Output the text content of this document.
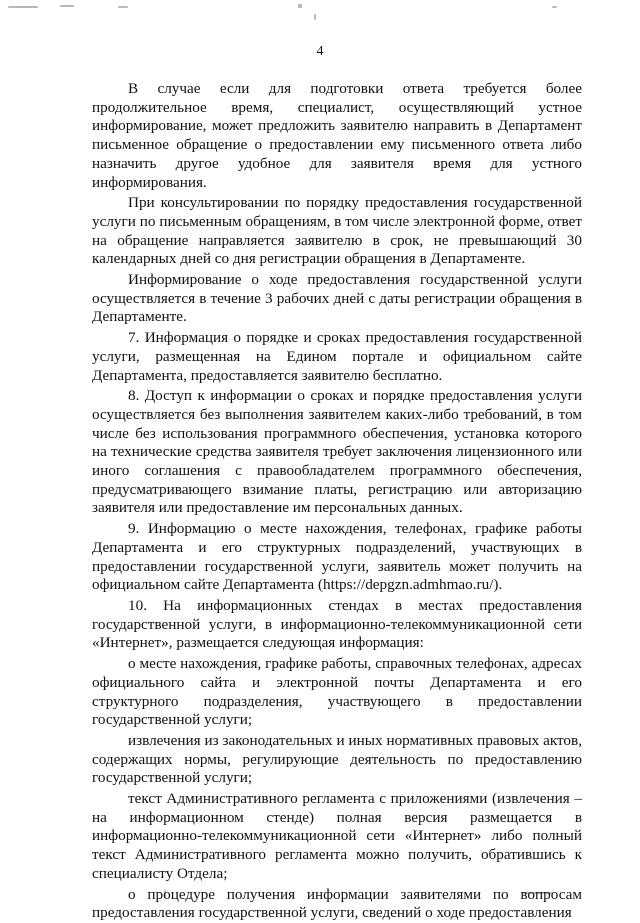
4

В случае если для подготовки ответа требуется более продолжительное время, специалист, осуществляющий устное информирование, может предложить заявителю направить в Департамент письменное обращение о предоставлении ему письменного ответа либо назначить другое удобное для заявителя время для устного информирования.

При консультировании по порядку предоставления государственной услуги по письменным обращениям, в том числе электронной форме, ответ на обращение направляется заявителю в срок, не превышающий 30 календарных дней со дня регистрации обращения в Департаменте.

Информирование о ходе предоставления государственной услуги осуществляется в течение 3 рабочих дней с даты регистрации обращения в Департаменте.

7. Информация о порядке и сроках предоставления государственной услуги, размещенная на Едином портале и официальном сайте Департамента, предоставляется заявителю бесплатно.

8. Доступ к информации о сроках и порядке предоставления услуги осуществляется без выполнения заявителем каких-либо требований, в том числе без использования программного обеспечения, установка которого на технические средства заявителя требует заключения лицензионного или иного соглашения с правообладателем программного обеспечения, предусматривающего взимание платы, регистрацию или авторизацию заявителя или предоставление им персональных данных.

9. Информацию о месте нахождения, телефонах, графике работы Департамента и его структурных подразделений, участвующих в предоставлении государственной услуги, заявитель может получить на официальном сайте Департамента (https://depgzn.admhmao.ru/).

10. На информационных стендах в местах предоставления государственной услуги, в информационно-телекоммуникационной сети «Интернет», размещается следующая информация:

о месте нахождения, графике работы, справочных телефонах, адресах официального сайта и электронной почты Департамента и его структурного подразделения, участвующего в предоставлении государственной услуги;

извлечения из законодательных и иных нормативных правовых актов, содержащих нормы, регулирующие деятельность по предоставлению государственной услуги;

текст Административного регламента с приложениями (извлечения – на информационном стенде) полная версия размещается в информационно-телекоммуникационной сети «Интернет» либо полный текст Административного регламента можно получить, обратившись к специалисту Отдела;

о процедуре получения информации заявителями по вопросам предоставления государственной услуги, сведений о ходе предоставления
